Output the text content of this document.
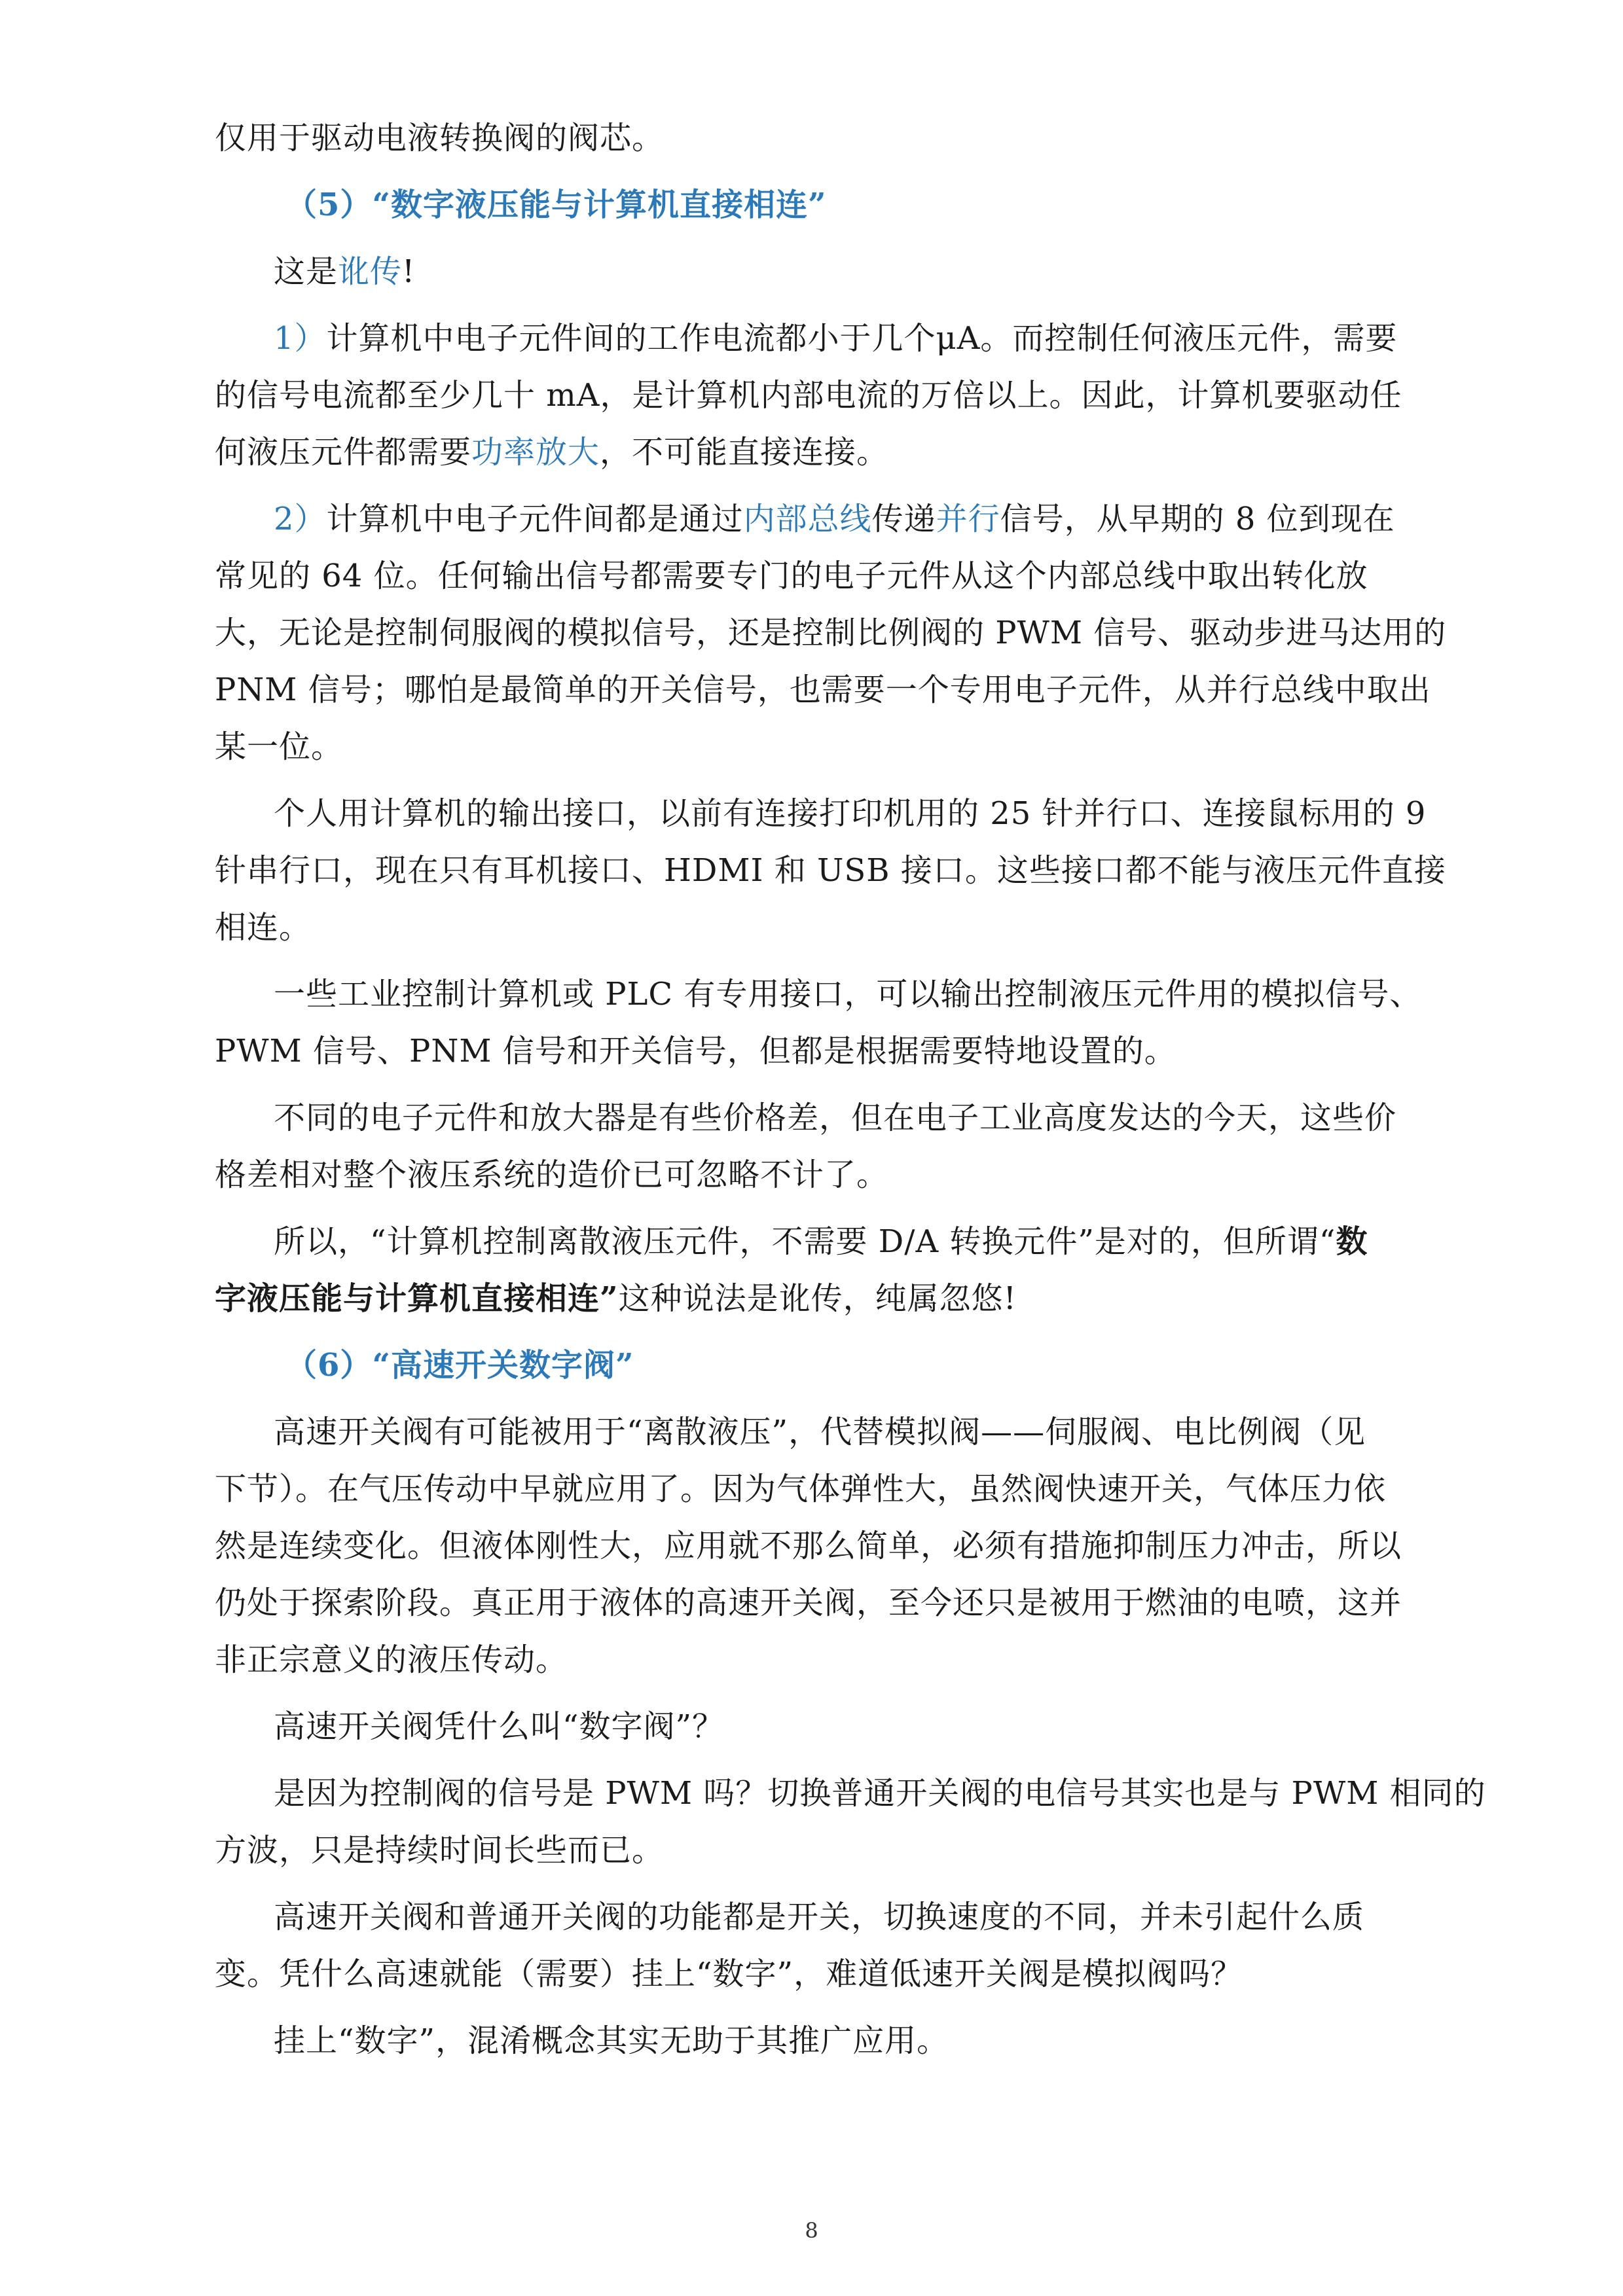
仅用于驱动电液转换阀的阀芯。
（5）“数字液压能与计算机直接相连”
这是讹传!
1）计算机中电子元件间的工作电流都小于几个μA。而控制任何液压元件，需要
的信号电流都至少几十 mA，是计算机内部电流的万倍以上。因此，计算机要驱动任
何液压元件都需要功率放大，不可能直接连接。
2）计算机中电子元件间都是通过内部总线传递并行信号，从早期的 8 位到现在
常见的 64 位。任何输出信号都需要专门的电子元件从这个内部总线中取出转化放
大，无论是控制伺服阀的模拟信号，还是控制比例阀的 PWM 信号、驱动步进马达用的
PNM 信号；哪怕是最简单的开关信号，也需要一个专用电子元件，从并行总线中取出
某一位。
个人用计算机的输出接口，以前有连接打印机用的 25 针并行口、连接鼠标用的 9
针串行口，现在只有耳机接口、HDMI 和 USB 接口。这些接口都不能与液压元件直接
相连。
一些工业控制计算机或 PLC 有专用接口，可以输出控制液压元件用的模拟信号、
PWM 信号、PNM 信号和开关信号，但都是根据需要特地设置的。
不同的电子元件和放大器是有些价格差，但在电子工业高度发达的今天，这些价
格差相对整个液压系统的造价已可忽略不计了。
所以，“计算机控制离散液压元件，不需要 D/A 转换元件”是对的，但所谓“数
字液压能与计算机直接相连”这种说法是讹传，纯属忽悠!
（6）“高速开关数字阀”
高速开关阀有可能被用于“离散液压”，代替模拟阀——伺服阀、电比例阀（见
下节）。在气压传动中早就应用了。因为气体弹性大，虽然阀快速开关，气体压力依
然是连续变化。但液体刚性大，应用就不那么简单，必须有措施抑制压力冲击，所以
仍处于探索阶段。真正用于液体的高速开关阀，至今还只是被用于燃油的电喷，这并
非正宗意义的液压传动。
高速开关阀凭什么叫“数字阀”？
是因为控制阀的信号是 PWM 吗？切换普通开关阀的电信号其实也是与 PWM 相同的
方波，只是持续时间长些而已。
高速开关阀和普通开关阀的功能都是开关，切换速度的不同，并未引起什么质
变。凭什么高速就能（需要）挂上“数字”，难道低速开关阀是模拟阀吗？
挂上“数字”，混淆概念其实无助于其推广应用。
8
